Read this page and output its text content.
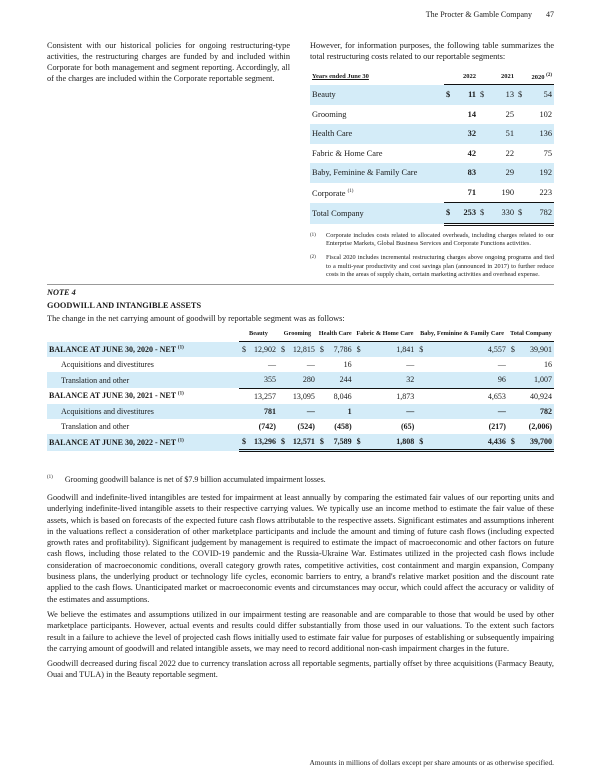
The Procter & Gamble Company 47
Consistent with our historical policies for ongoing restructuring-type activities, the restructuring charges are funded by and included within Corporate for both management and segment reporting. Accordingly, all of the charges are included within the Corporate reportable segment.

However, for information purposes, the following table summarizes the total restructuring costs related to our reportable segments:

Years ended June 30	2022		2021		2020 $^{(2)}$
Beauty	$	11	$	13	$	54
Grooming		14		25		102
Health Care		32		51		136
Fabric & Home Care		42		22		75
Baby, Feminine & Family Care		83		29		192
Corporate $^{(1)}$		71		190		223
Total Company	$	253	$	330	$	782
(1)	Corporate includes costs related to allocated overheads, including charges related to our Enterprise Markets, Global Business Services and Corporate Functions activities.
(2)	Fiscal 2020 includes incremental restructuring charges above ongoing programs and tied to a multi-year productivity and cost savings plan (announced in 2017) to further reduce costs in the areas of supply chain, certain marketing activities and overhead expense.
NOTE 4
GOODWILL AND INTANGIBLE ASSETS
The change in the net carrying amount of goodwill by reportable segment was as follows:
	Beauty		Grooming		Health Care		Fabric & Home Care		Baby, Feminine & Family Care		Total Company	
BALANCE AT JUNE 30, 2020 - NET $^{(1)}$	$	12,902	$	12,815	$	7,786	$	1,841	$	4,557	$	39,901
Acquisitions and divestitures		—		—		16		—		—		16
Translation and other		355		280		244		32		96		1,007
BALANCE AT JUNE 30, 2021 - NET $^{(1)}$		13,257		13,095		8,046		1,873		4,653		40,924
Acquisitions and divestitures		781		—		1		—		—		782
Translation and other		(742)		(524)		(458)		(65)		(217)		(2,006)
BALANCE AT JUNE 30, 2022 - NET $^{(1)}$	$	13,296	$	12,571	$	7,589	$	1,808	$	4,436	$	39,700
$^{(1)}$ Grooming goodwill balance is net of $7.9 billion accumulated impairment losses.

Goodwill and indefinite-lived intangibles are tested for impairment at least annually by comparing the estimated fair values of our reporting units and underlying indefinite-lived intangible assets to their respective carrying values. We typically use an income method to estimate the fair value of these assets, which is based on forecasts of the expected future cash flows attributable to the respective assets. Significant estimates and assumptions inherent in the valuations reflect a consideration of other marketplace participants and include the amount and timing of future cash flows (including expected growth rates and profitability). Significant judgement by management is required to estimate the impact of macroeconomic and other factors on future cash flows, including those related to the COVID-19 pandemic and the Russia-Ukraine War. Estimates utilized in the projected cash flows include consideration of macroeconomic conditions, overall category growth rates, competitive activities, cost containment and margin expansion, Company business plans, the underlying product or technology life cycles, economic barriers to entry, a brand's relative market position and the discount rate applied to the cash flows. Unanticipated market or macroeconomic events and circumstances may occur, which could affect the accuracy or validity of the estimates and assumptions.

We believe the estimates and assumptions utilized in our impairment testing are reasonable and are comparable to those that would be used by other marketplace participants. However, actual events and results could differ substantially from those used in our valuations. To the extent such factors result in a failure to achieve the level of projected cash flows initially used to estimate fair value for purposes of establishing or subsequently impairing the carrying amount of goodwill and related intangible assets, we may need to record additional non-cash impairment charges in the future.

Goodwill decreased during fiscal 2022 due to currency translation across all reportable segments, partially offset by three acquisitions (Farmacy Beauty, Ouai and TULA) in the Beauty reportable segment.

Amounts in millions of dollars except per share amounts or as otherwise specified.
